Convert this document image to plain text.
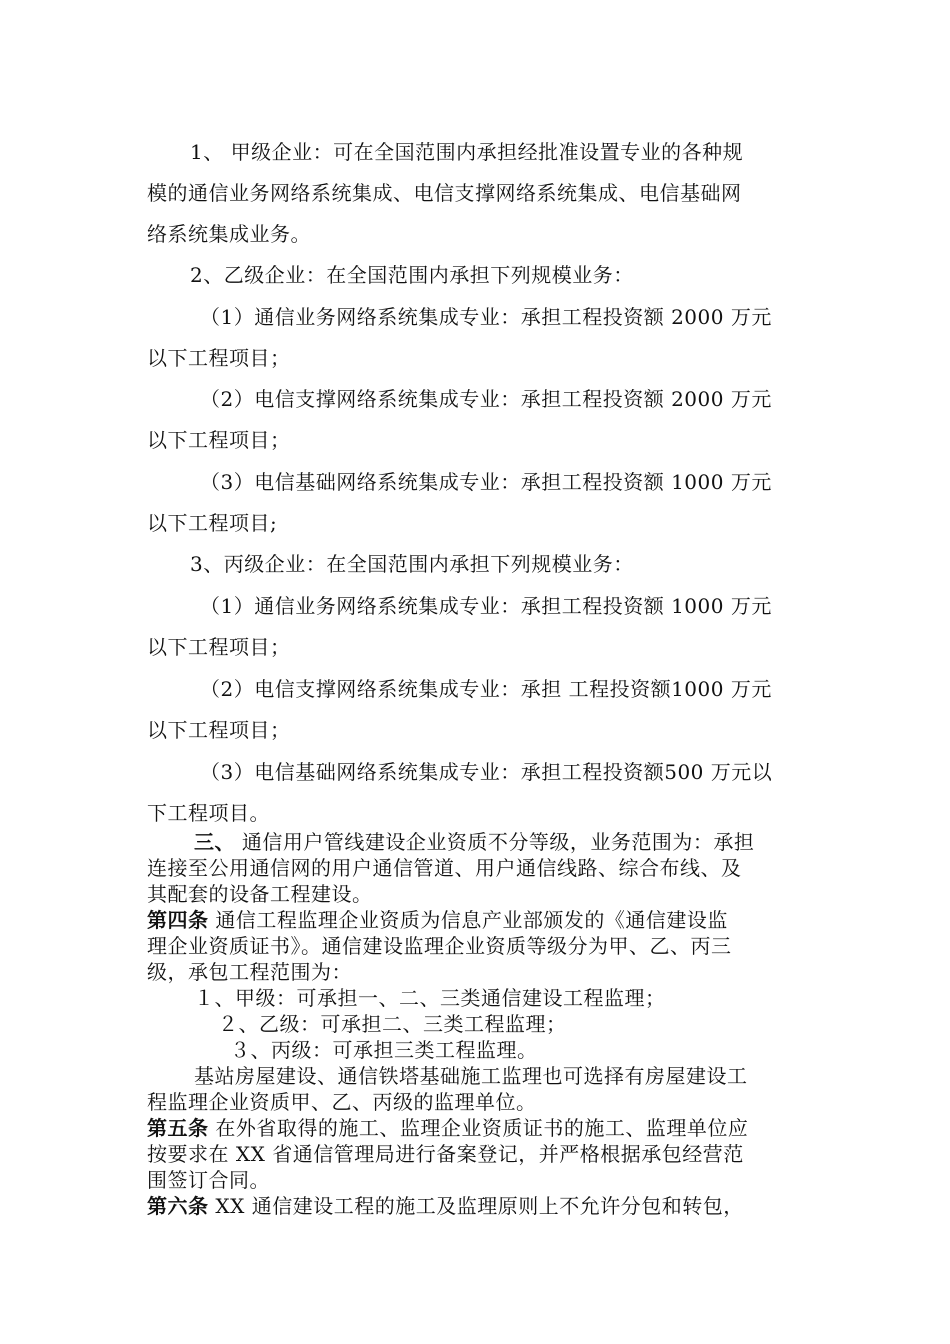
1、 甲级企业：可在全国范围内承担经批准设置专业的各种规
模的通信业务网络系统集成、电信支撑网络系统集成、电信基础网
络系统集成业务。
2、乙级企业：在全国范围内承担下列规模业务：
（1）通信业务网络系统集成专业：承担工程投资额 2000 万元
以下工程项目；
（2）电信支撑网络系统集成专业：承担工程投资额 2000 万元
以下工程项目；
（3）电信基础网络系统集成专业：承担工程投资额 1000 万元
以下工程项目;
3、丙级企业：在全国范围内承担下列规模业务：
（1）通信业务网络系统集成专业：承担工程投资额 1000 万元
以下工程项目；
（2）电信支撑网络系统集成专业：承担 工程投资额1000 万元
以下工程项目；
（3）电信基础网络系统集成专业：承担工程投资额500 万元以
下工程项目。
三、 通信用户管线建设企业资质不分等级，业务范围为：承担
连接至公用通信网的用户通信管道、用户通信线路、综合布线、及
其配套的设备工程建设。
第四条 通信工程监理企业资质为信息产业部颁发的《通信建设监
理企业资质证书》。通信建设监理企业资质等级分为甲、乙、丙三
级，承包工程范围为：
１、甲级：可承担一、二、三类通信建设工程监理；
２、乙级：可承担二、三类工程监理；
３、丙级：可承担三类工程监理。
基站房屋建设、通信铁塔基础施工监理也可选择有房屋建设工
程监理企业资质甲、乙、丙级的监理单位。
第五条 在外省取得的施工、监理企业资质证书的施工、监理单位应
按要求在 XX 省通信管理局进行备案登记，并严格根据承包经营范
围签订合同。
第六条 XX 通信建设工程的施工及监理原则上不允许分包和转包，
